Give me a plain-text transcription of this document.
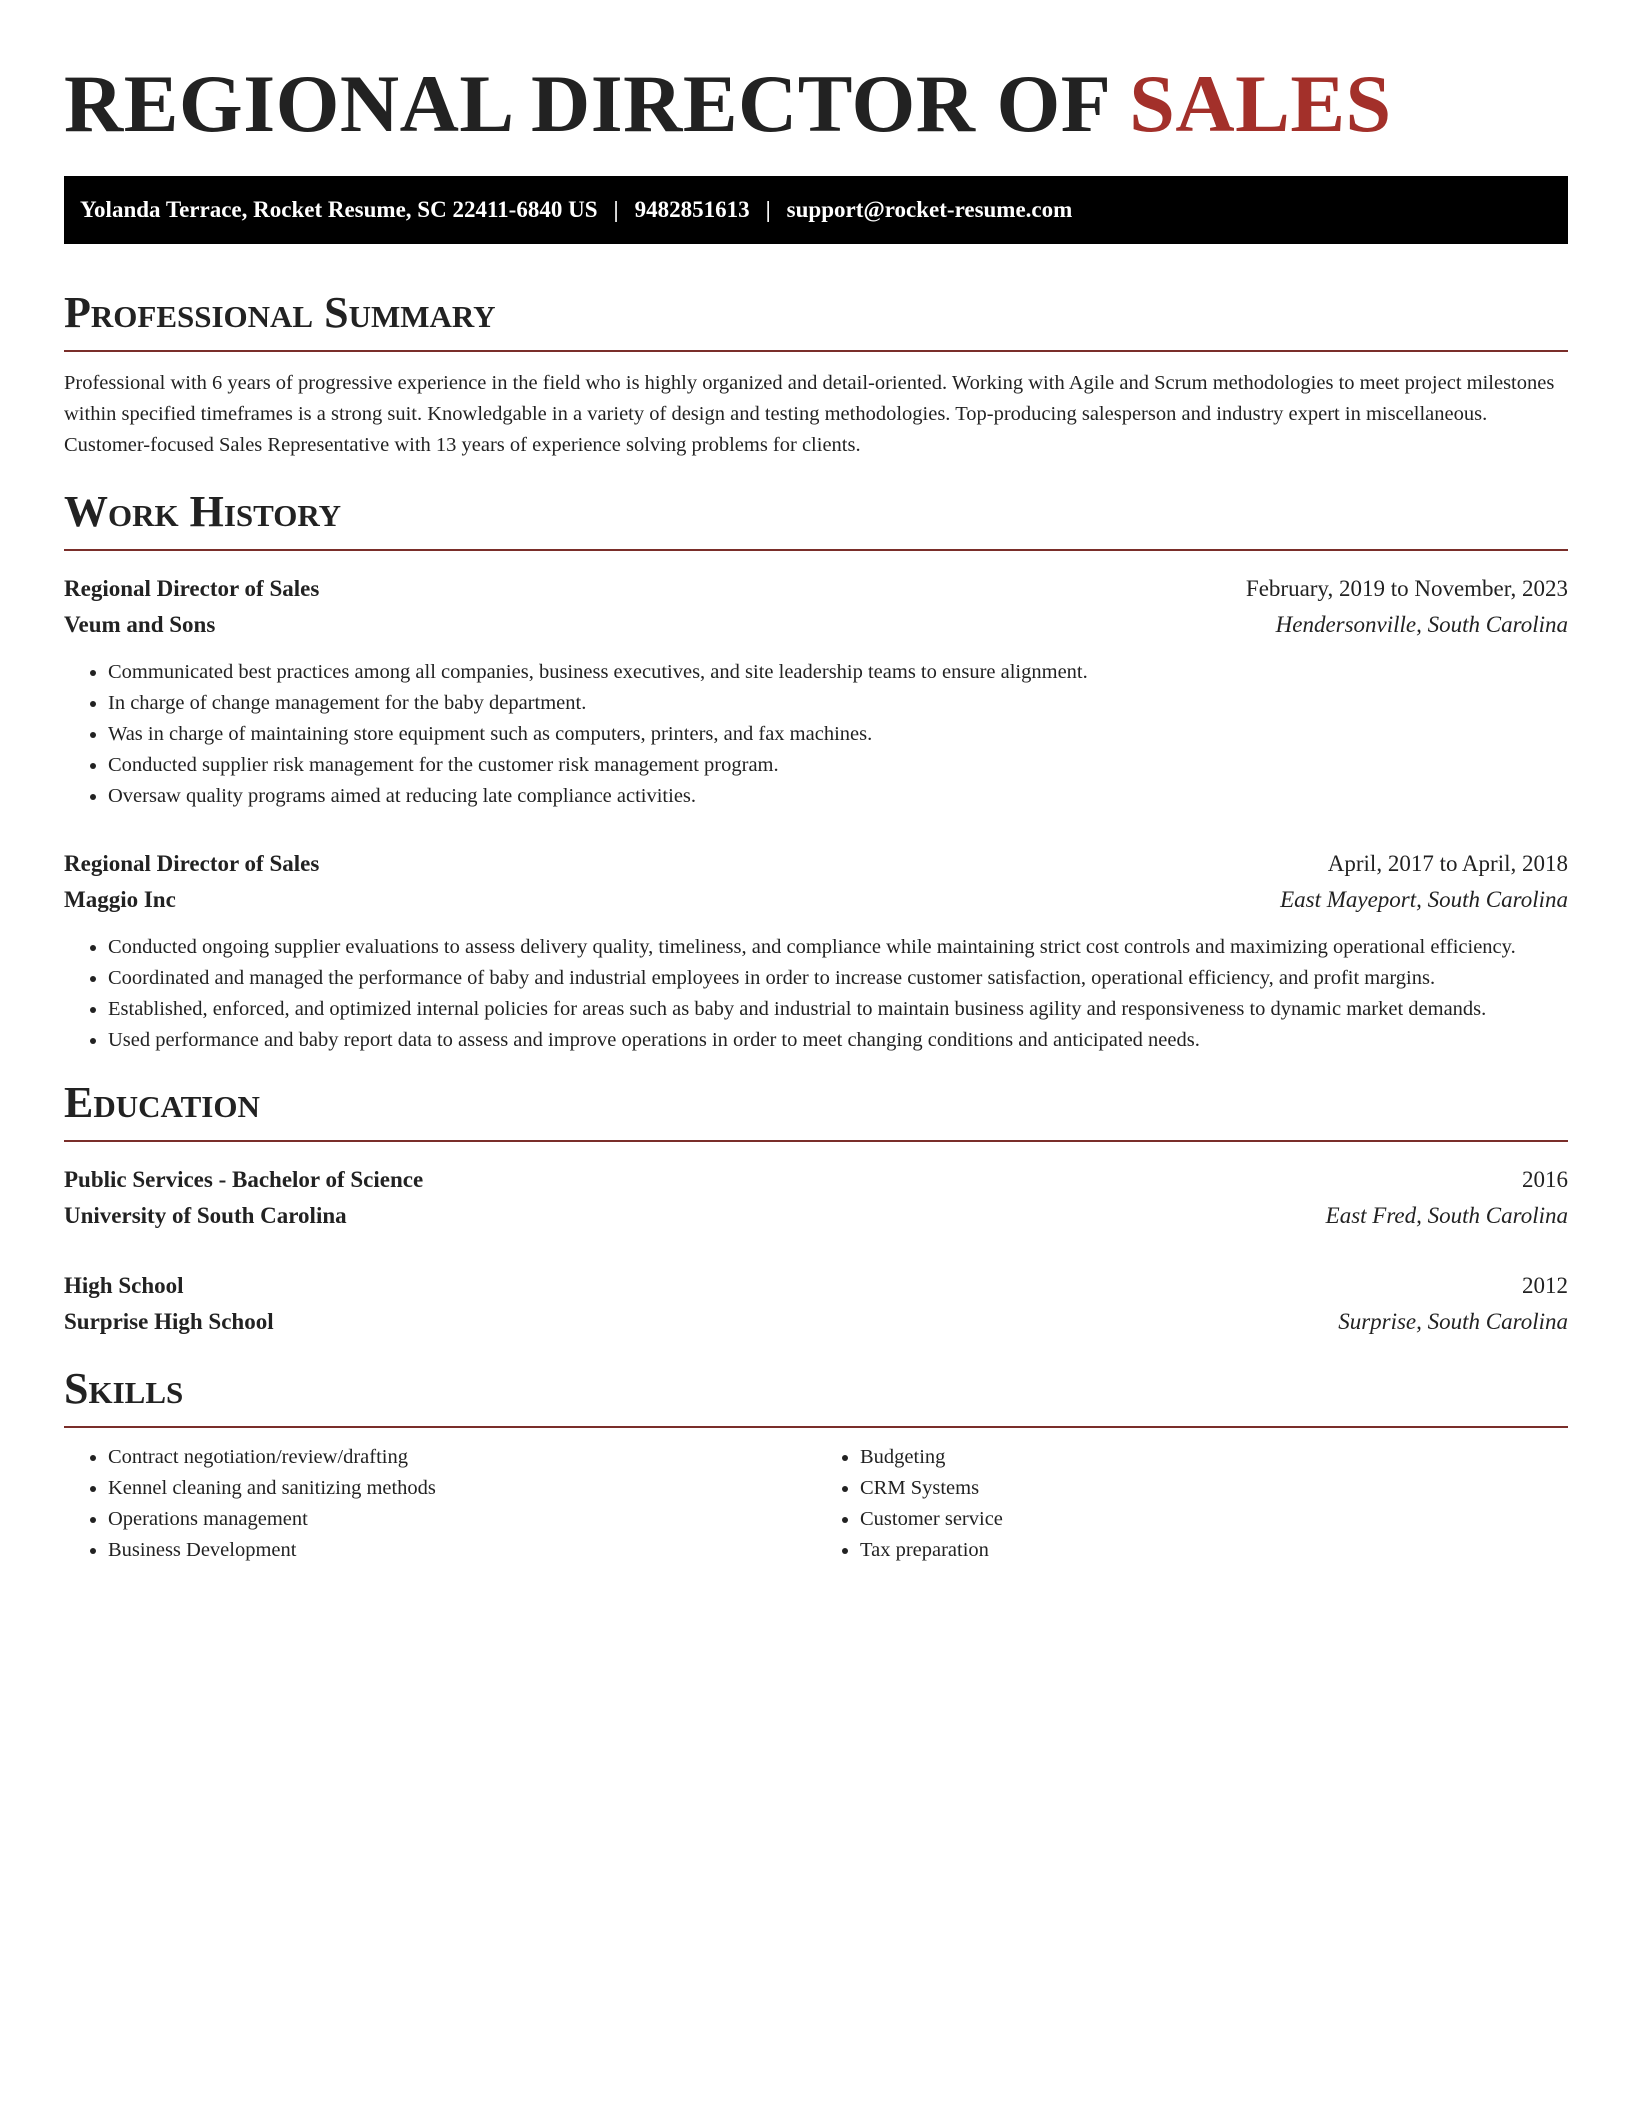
REGIONAL DIRECTOR OF SALES
Yolanda Terrace, Rocket Resume, SC 22411-6840 US | 9482851613 | support@rocket-resume.com
Professional Summary

Professional with 6 years of progressive experience in the field who is highly organized and detail-oriented. Working with Agile and Scrum methodologies to meet project milestones within specified timeframes is a strong suit. Knowledgable in a variety of design and testing methodologies. Top-producing salesperson and industry expert in miscellaneous. Customer-focused Sales Representative with 13 years of experience solving problems for clients.

Work History
Regional Director of Sales	February, 2019 to November, 2023
Veum and Sons	Hendersonville, South Carolina
• Communicated best practices among all companies, business executives, and site leadership teams to ensure alignment.
• In charge of change management for the baby department.
• Was in charge of maintaining store equipment such as computers, printers, and fax machines.
• Conducted supplier risk management for the customer risk management program.
• Oversaw quality programs aimed at reducing late compliance activities.
Regional Director of Sales	April, 2017 to April, 2018
Maggio Inc	East Mayeport, South Carolina
• Conducted ongoing supplier evaluations to assess delivery quality, timeliness, and compliance while maintaining strict cost controls and maximizing operational efficiency.
• Coordinated and managed the performance of baby and industrial employees in order to increase customer satisfaction, operational efficiency, and profit margins.
• Established, enforced, and optimized internal policies for areas such as baby and industrial to maintain business agility and responsiveness to dynamic market demands.
• Used performance and baby report data to assess and improve operations in order to meet changing conditions and anticipated needs.
Education
Public Services - Bachelor of Science	2016
University of South Carolina	East Fred, South Carolina
High School	2012
Surprise High School	Surprise, South Carolina
Skills
• Contract negotiation/review/drafting
• Kennel cleaning and sanitizing methods
• Operations management
• Business Development
• Budgeting
• CRM Systems
• Customer service
• Tax preparation
